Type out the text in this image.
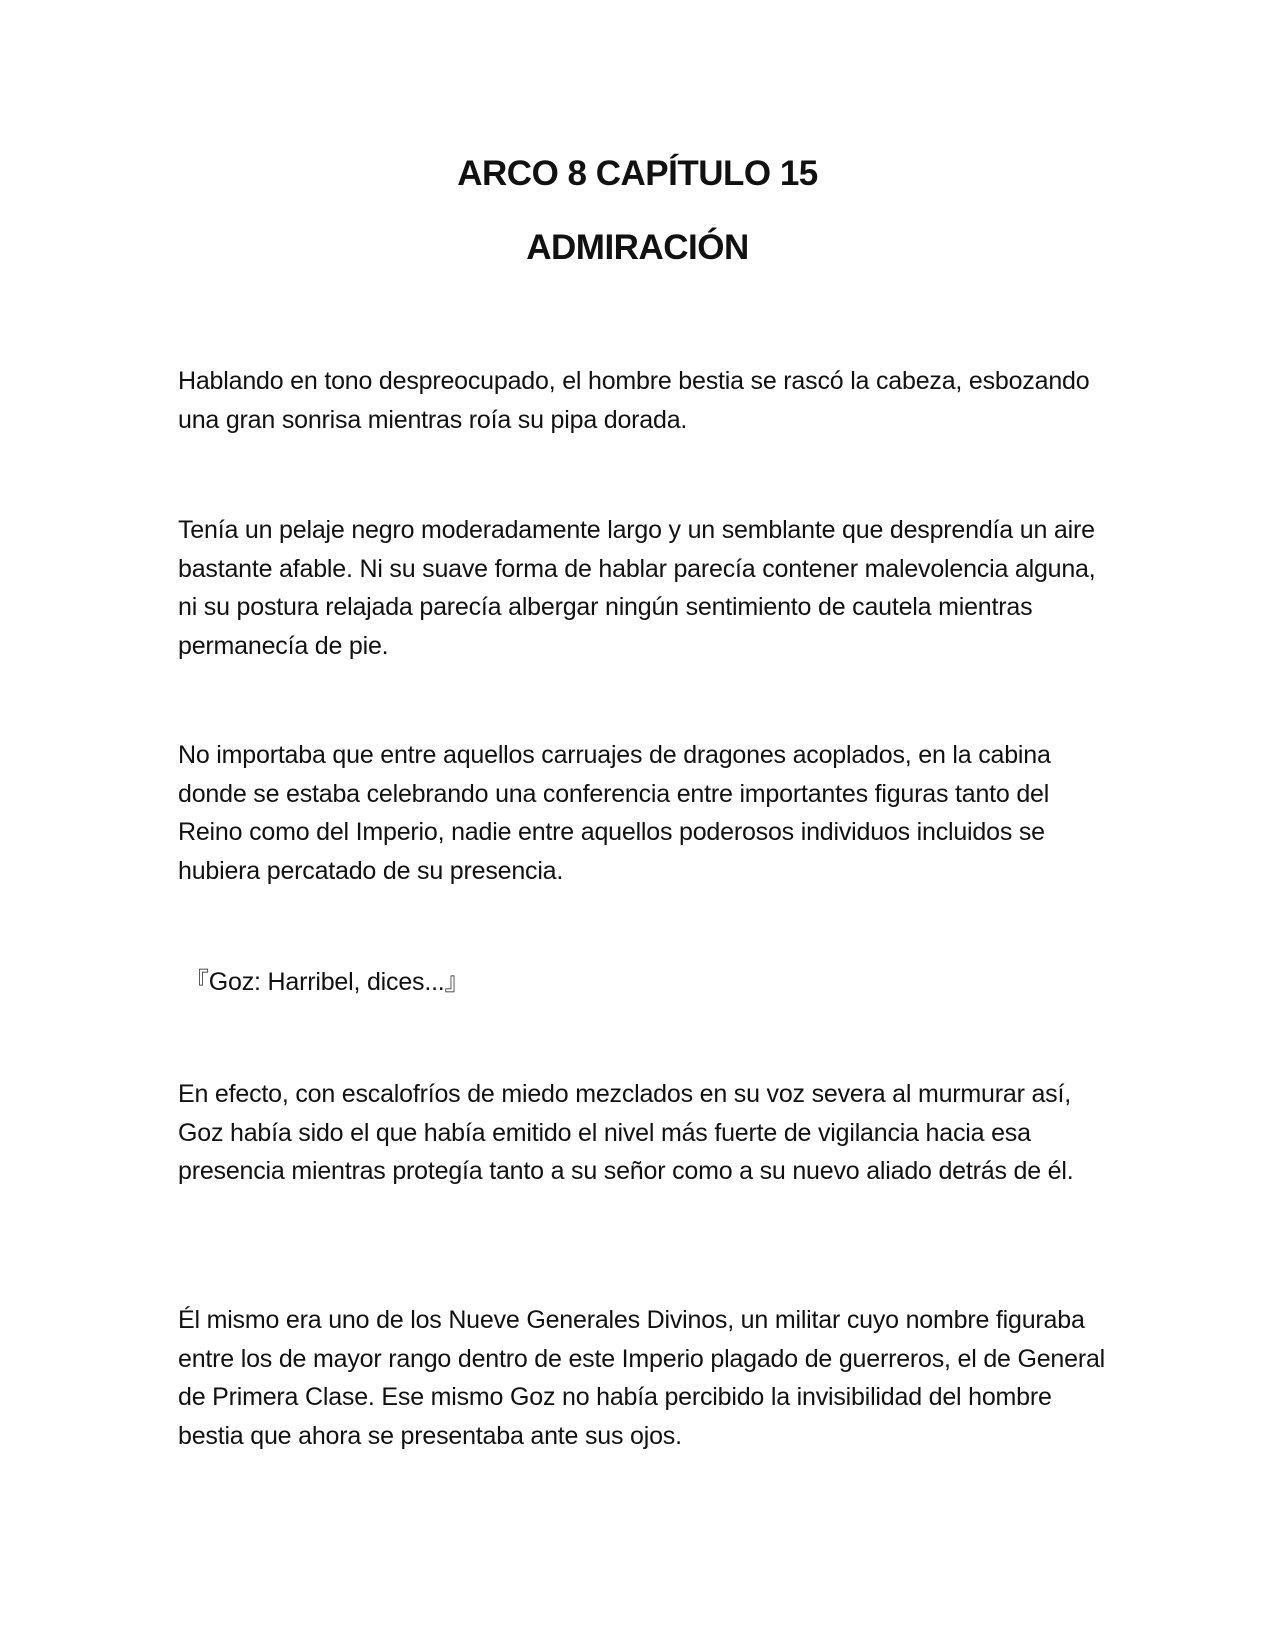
ARCO 8 CAPÍTULO 15
ADMIRACIÓN

Hablando en tono despreocupado, el hombre bestia se rascó la cabeza, esbozando una gran sonrisa mientras roía su pipa dorada.

Tenía un pelaje negro moderadamente largo y un semblante que desprendía un aire bastante afable. Ni su suave forma de hablar parecía contener malevolencia alguna, ni su postura relajada parecía albergar ningún sentimiento de cautela mientras permanecía de pie.

No importaba que entre aquellos carruajes de dragones acoplados, en la cabina donde se estaba celebrando una conferencia entre importantes figuras tanto del Reino como del Imperio, nadie entre aquellos poderosos individuos incluidos se hubiera percatado de su presencia.

『Goz: Harribel, dices...』

En efecto, con escalofríos de miedo mezclados en su voz severa al murmurar así, Goz había sido el que había emitido el nivel más fuerte de vigilancia hacia esa presencia mientras protegía tanto a su señor como a su nuevo aliado detrás de él.

Él mismo era uno de los Nueve Generales Divinos, un militar cuyo nombre figuraba entre los de mayor rango dentro de este Imperio plagado de guerreros, el de General de Primera Clase. Ese mismo Goz no había percibido la invisibilidad del hombre bestia que ahora se presentaba ante sus ojos.
